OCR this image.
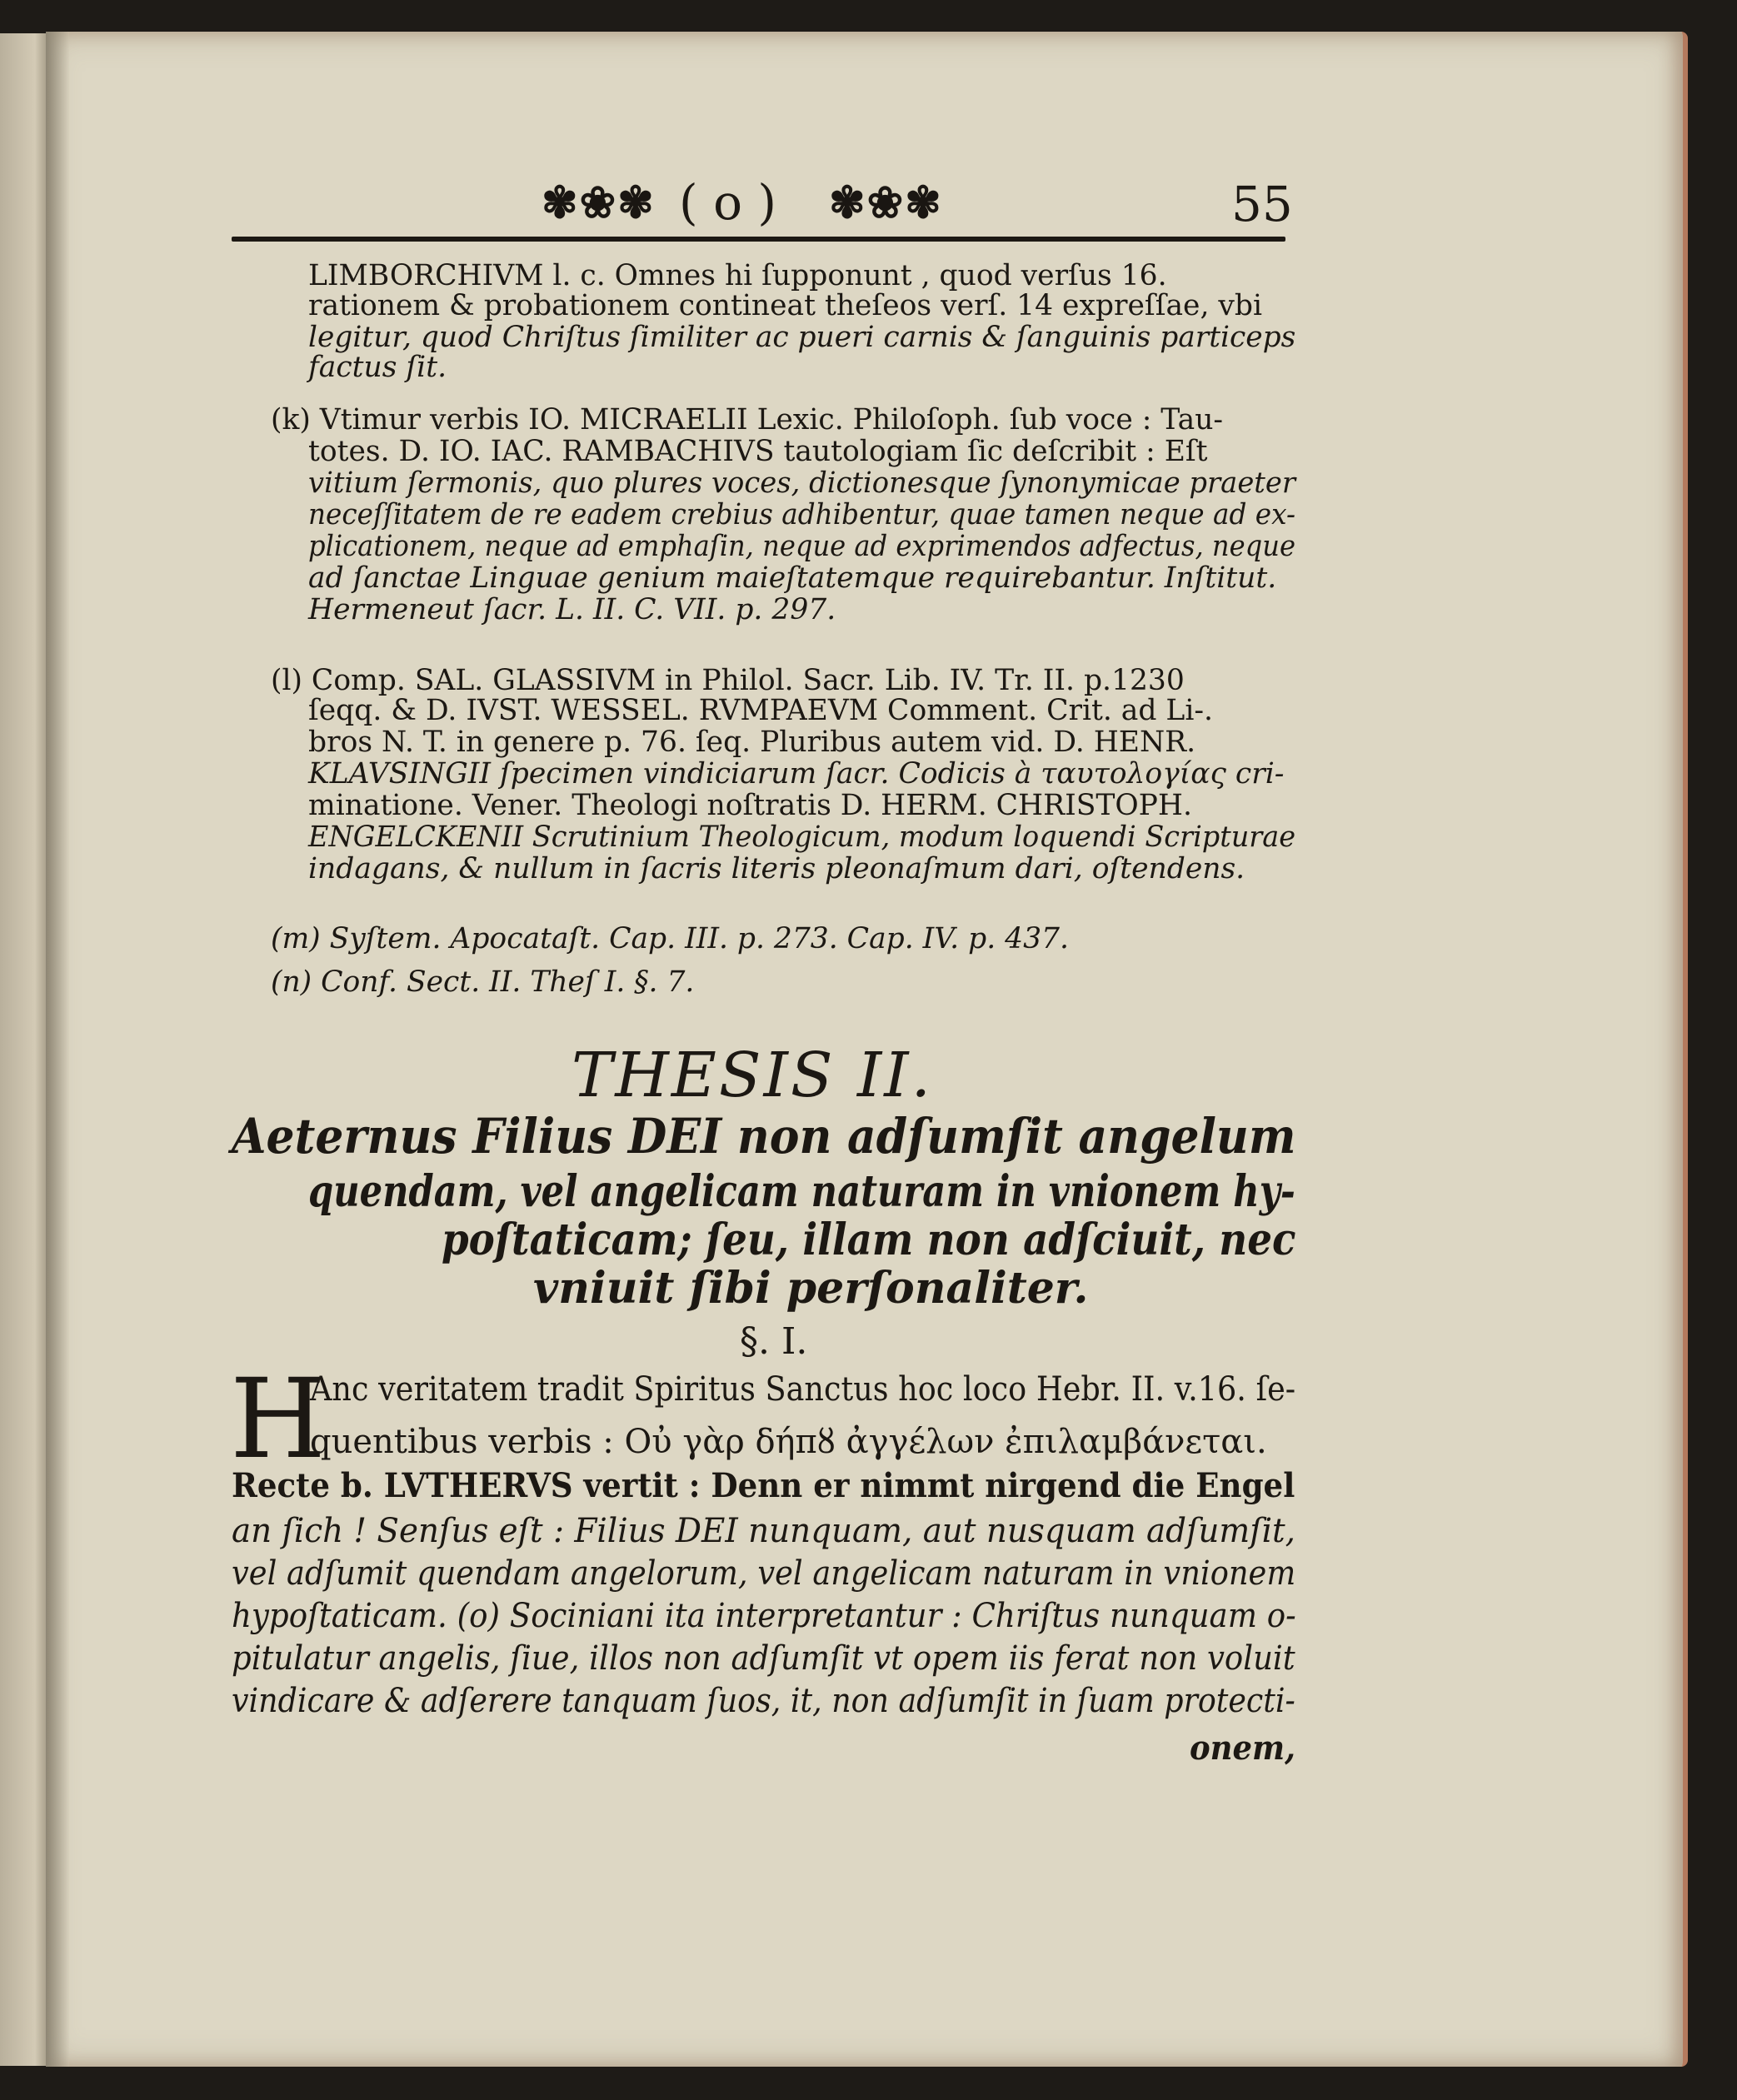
✾❀✾ ( o ) ✾❀✾	55
LIMBORCHIVM l. c. Omnes hi ſupponunt , quod verſus 16.
rationem & probationem contineat theſeos verſ. 14 expreſſae, vbi
legitur, quod Chriſtus ſimiliter ac pueri carnis & ſanguinis particeps
factus ſit.
(k) Vtimur verbis IO. MICRAELII Lexic. Philoſoph. ſub voce : Tau-
totes. D. IO. IAC. RAMBACHIVS tautologiam ſic deſcribit : Eſt
vitium ſermonis, quo plures voces, dictionesque ſynonymicae praeter
neceſſitatem de re eadem crebius adhibentur, quae tamen neque ad ex-
plicationem, neque ad emphaſin, neque ad exprimendos adfectus, neque
ad ſanctae Linguae genium maieſtatemque requirebantur. Inſtitut.
Hermeneut ſacr. L. II. C. VII. p. 297.
(l) Comp. SAL. GLASSIVM in Philol. Sacr. Lib. IV. Tr. II. p.1230
ſeqq. & D. IVST. WESSEL. RVMPAEVM Comment. Crit. ad Li-.
bros N. T. in genere p. 76. ſeq. Pluribus autem vid. D. HENR.
KLAVSINGII ſpecimen vindiciarum ſacr. Codicis à ταυτολογίας cri-
minatione. Vener. Theologi noſtratis D. HERM. CHRISTOPH.
ENGELCKENII Scrutinium Theologicum, modum loquendi Scripturae
indagans, & nullum in ſacris literis pleonaſmum dari, oſtendens.
(m) Syſtem. Apocataſt. Cap. III. p. 273. Cap. IV. p. 437.
(n) Conf. Sect. II. Theſ I. §. 7.
THESIS II.
Aeternus Filius DEI non adſumſit angelum
quendam, vel angelicam naturam in vnionem hy-
poſtaticam; ſeu, illam non adſciuit, nec
vniuit ſibi perſonaliter.
§. I.
H
Anc veritatem tradit Spiritus Sanctus hoc loco Hebr. II. v.16. ſe-
quentibus verbis : Οὐ γὰρ δήπȣ ἀγγέλων ἐπιλαμβάνεται.
Recte b. LVTHERVS vertit : Denn er nimmt nirgend die Engel
an ſich ! Senſus eſt : Filius DEI nunquam, aut nusquam adſumſit,
vel adſumit quendam angelorum, vel angelicam naturam in vnionem
hypoſtaticam. (o) Sociniani ita interpretantur : Chriſtus nunquam o-
pitulatur angelis, ſiue, illos non adſumſit vt opem iis ferat non voluit
vindicare & adſerere tanquam ſuos, it, non adſumſit in ſuam protecti-
onem,
